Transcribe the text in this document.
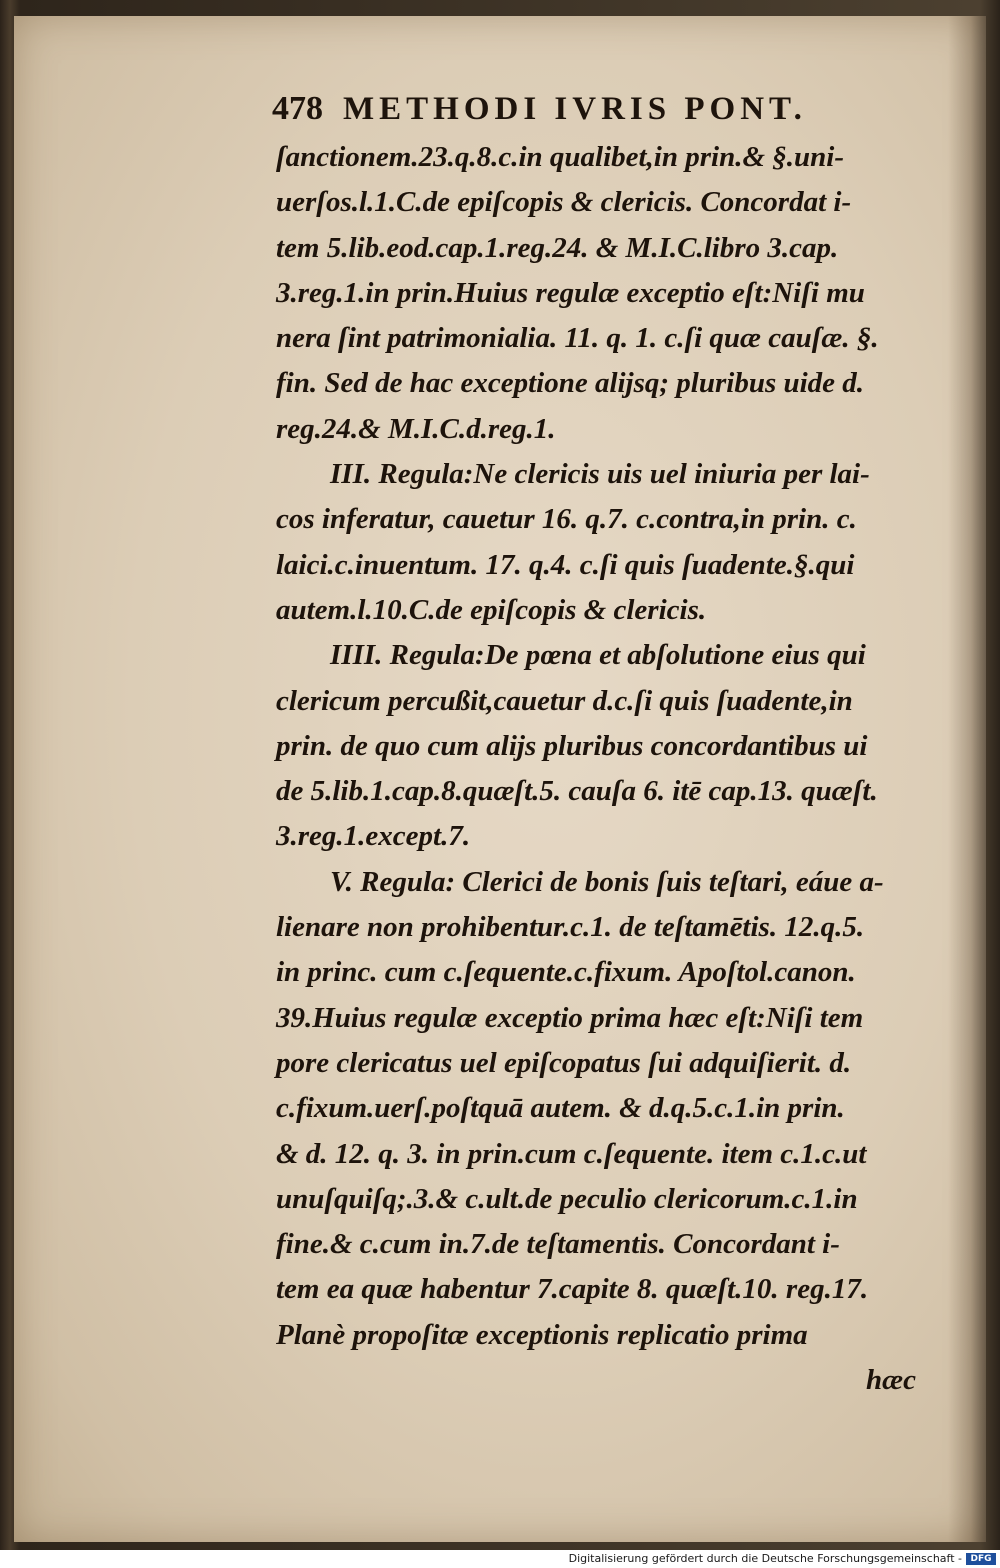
478 METHODI IVRIS PONT.
ſanctionem.23.q.8.c.in qualibet,in prin.& §.uni-
uerſos.l.1.C.de epiſcopis & clericis. Concordat i-
tem 5.lib.eod.cap.1.reg.24. & M.I.C.libro 3.cap.
3.reg.1.in prin.Huius regulæ exceptio eſt:Niſi mu
nera ſint patrimonialia. 11. q. 1. c.ſi quæ cauſæ. §.
fin. Sed de hac exceptione alijsq; pluribus uide d.
reg.24.& M.I.C.d.reg.1.
III. Regula:Ne clericis uis uel iniuria per lai-
cos inferatur, cauetur 16. q.7. c.contra,in prin. c.
laici.c.inuentum. 17. q.4. c.ſi quis ſuadente.§.qui
autem.l.10.C.de epiſcopis & clericis.
IIII. Regula:De pœna et abſolutione eius qui
clericum percußit,cauetur d.c.ſi quis ſuadente,in
prin. de quo cum alijs pluribus concordantibus ui
de 5.lib.1.cap.8.quæſt.5. cauſa 6. itē cap.13. quæſt.
3.reg.1.except.7.
V. Regula: Clerici de bonis ſuis teſtari, eáue a-
lienare non prohibentur.c.1. de teſtamētis. 12.q.5.
in princ. cum c.ſequente.c.fixum. Apoſtol.canon.
39.Huius regulæ exceptio prima hæc eſt:Niſi tem
pore clericatus uel epiſcopatus ſui adquiſierit. d.
c.fixum.uerſ.poſtquā autem. & d.q.5.c.1.in prin.
& d. 12. q. 3. in prin.cum c.ſequente. item c.1.c.ut
unuſquiſq;.3.& c.ult.de peculio clericorum.c.1.in
fine.& c.cum in.7.de teſtamentis. Concordant i-
tem ea quæ habentur 7.capite 8. quæſt.10. reg.17.
Planè propoſitæ exceptionis replicatio prima
hæc
Digitalisierung gefördert durch die Deutsche Forschungsgemeinschaft - DFG
